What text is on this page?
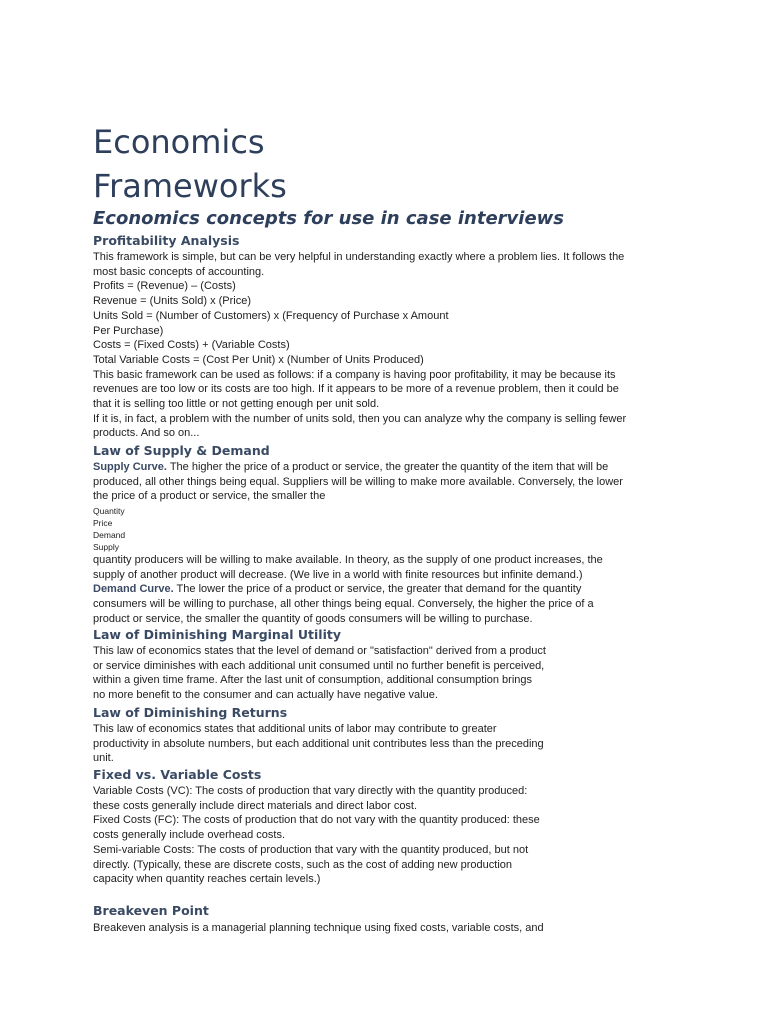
Economics
Frameworks
Economics concepts for use in case interviews
Profitability Analysis
This framework is simple, but can be very helpful in understanding exactly where a problem lies. It follows the
most basic concepts of accounting.
Profits = (Revenue) – (Costs)
Revenue = (Units Sold) x (Price)
Units Sold = (Number of Customers) x (Frequency of Purchase x Amount
Per Purchase)
Costs = (Fixed Costs) + (Variable Costs)
Total Variable Costs = (Cost Per Unit) x (Number of Units Produced)
This basic framework can be used as follows: if a company is having poor profitability, it may be because its
revenues are too low or its costs are too high. If it appears to be more of a revenue problem, then it could be
that it is selling too little or not getting enough per unit sold.
If it is, in fact, a problem with the number of units sold, then you can analyze why the company is selling fewer
products. And so on...
Law of Supply & Demand
Supply Curve. The higher the price of a product or service, the greater the quantity of the item that will be
produced, all other things being equal. Suppliers will be willing to make more available. Conversely, the lower
the price of a product or service, the smaller the
Quantity
Price
Demand
Supply
quantity producers will be willing to make available. In theory, as the supply of one product increases, the
supply of another product will decrease. (We live in a world with finite resources but infinite demand.)
Demand Curve. The lower the price of a product or service, the greater that demand for the quantity
consumers will be willing to purchase, all other things being equal. Conversely, the higher the price of a
product or service, the smaller the quantity of goods consumers will be willing to purchase.
Law of Diminishing Marginal Utility
This law of economics states that the level of demand or "satisfaction" derived from a product
or service diminishes with each additional unit consumed until no further benefit is perceived,
within a given time frame. After the last unit of consumption, additional consumption brings
no more benefit to the consumer and can actually have negative value.
Law of Diminishing Returns
This law of economics states that additional units of labor may contribute to greater
productivity in absolute numbers, but each additional unit contributes less than the preceding
unit.
Fixed vs. Variable Costs
Variable Costs (VC): The costs of production that vary directly with the quantity produced:
these costs generally include direct materials and direct labor cost.
Fixed Costs (FC): The costs of production that do not vary with the quantity produced: these
costs generally include overhead costs.
Semi-variable Costs: The costs of production that vary with the quantity produced, but not
directly. (Typically, these are discrete costs, such as the cost of adding new production
capacity when quantity reaches certain levels.)
Breakeven Point
Breakeven analysis is a managerial planning technique using fixed costs, variable costs, and
